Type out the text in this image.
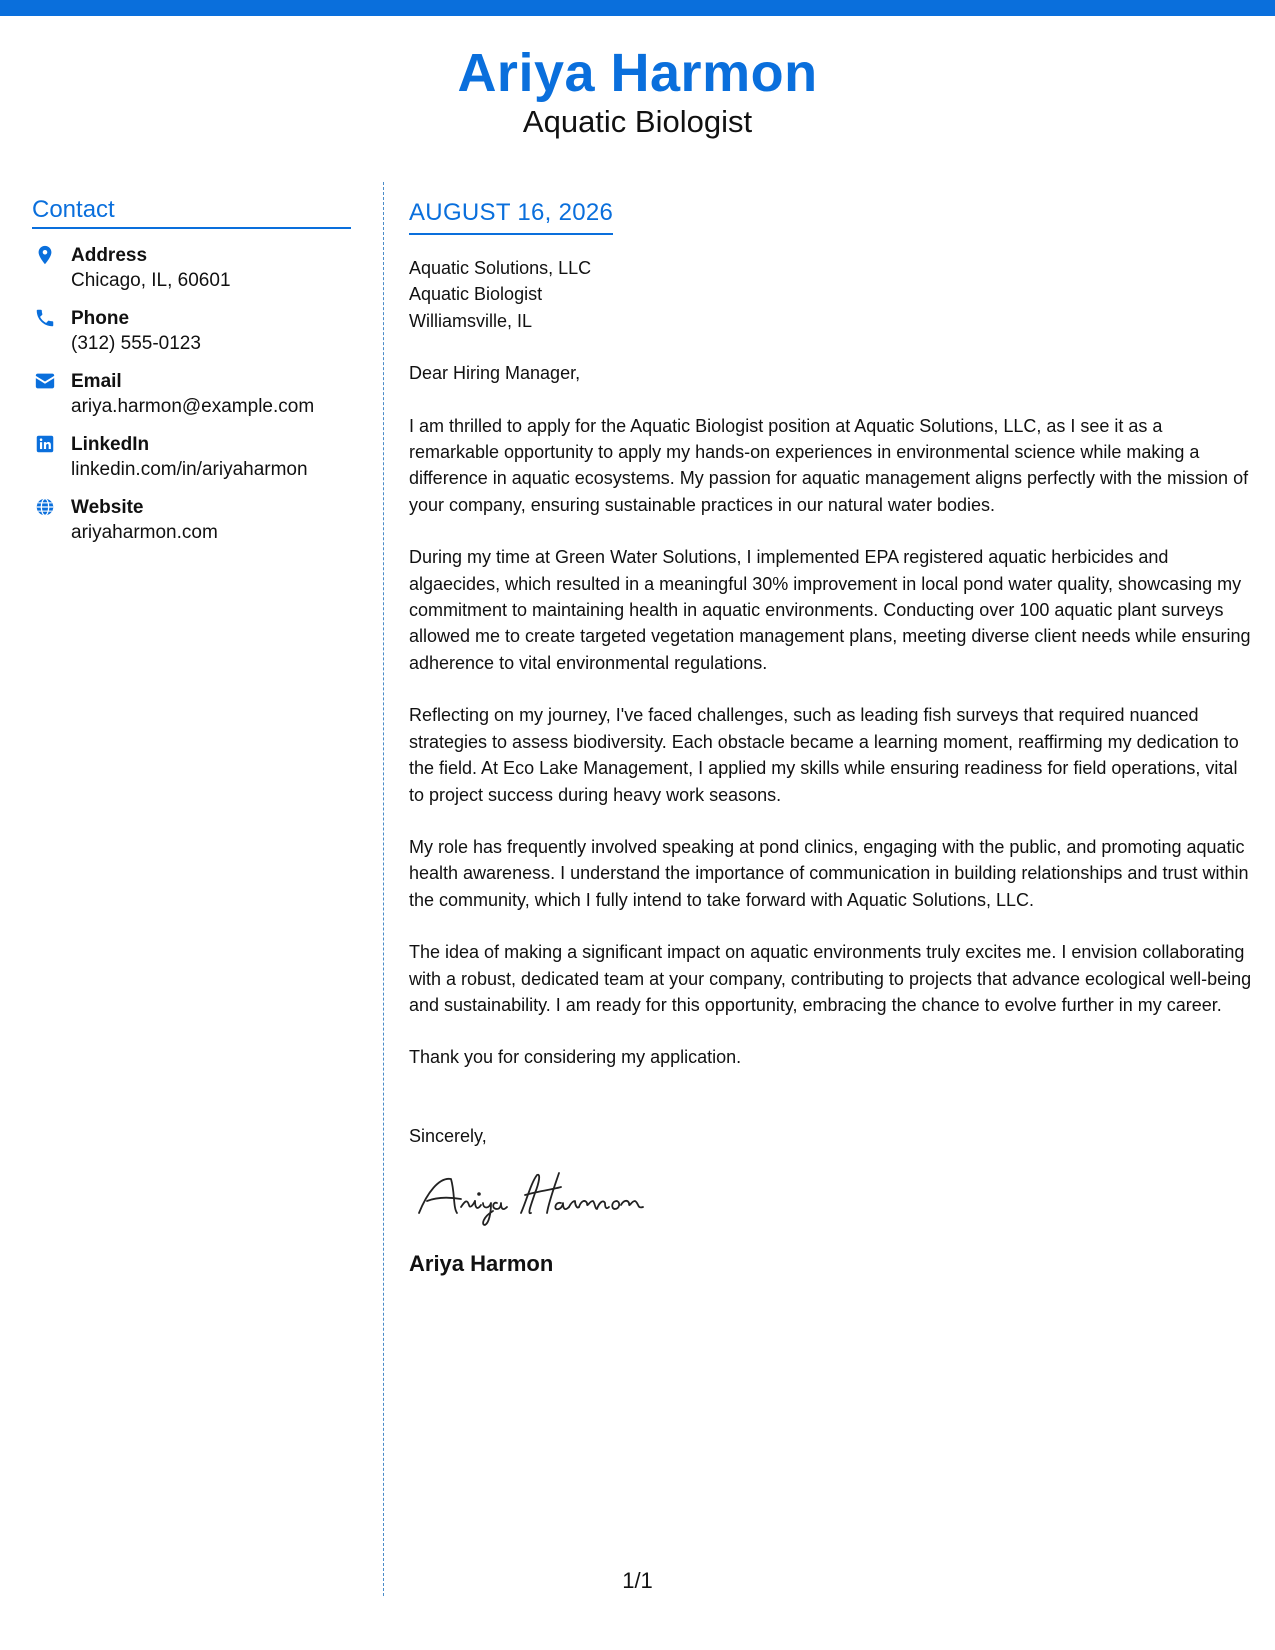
Ariya Harmon
Aquatic Biologist
Contact
Address
Chicago, IL, 60601
Phone
(312) 555-0123
Email
ariya.harmon@example.com
LinkedIn
linkedin.com/in/ariyaharmon
Website
ariyaharmon.com
AUGUST 16, 2026
Aquatic Solutions, LLC
Aquatic Biologist
Williamsville, IL
Dear Hiring Manager,
I am thrilled to apply for the Aquatic Biologist position at Aquatic Solutions, LLC, as I see it as a remarkable opportunity to apply my hands-on experiences in environmental science while making a difference in aquatic ecosystems. My passion for aquatic management aligns perfectly with the mission of your company, ensuring sustainable practices in our natural water bodies.
During my time at Green Water Solutions, I implemented EPA registered aquatic herbicides and algaecides, which resulted in a meaningful 30% improvement in local pond water quality, showcasing my commitment to maintaining health in aquatic environments. Conducting over 100 aquatic plant surveys allowed me to create targeted vegetation management plans, meeting diverse client needs while ensuring adherence to vital environmental regulations.
Reflecting on my journey, I've faced challenges, such as leading fish surveys that required nuanced strategies to assess biodiversity. Each obstacle became a learning moment, reaffirming my dedication to the field. At Eco Lake Management, I applied my skills while ensuring readiness for field operations, vital to project success during heavy work seasons.
My role has frequently involved speaking at pond clinics, engaging with the public, and promoting aquatic health awareness. I understand the importance of communication in building relationships and trust within the community, which I fully intend to take forward with Aquatic Solutions, LLC.
The idea of making a significant impact on aquatic environments truly excites me. I envision collaborating with a robust, dedicated team at your company, contributing to projects that advance ecological well-being and sustainability. I am ready for this opportunity, embracing the chance to evolve further in my career.
Thank you for considering my application.
Sincerely,
Ariya Harmon
1/1
